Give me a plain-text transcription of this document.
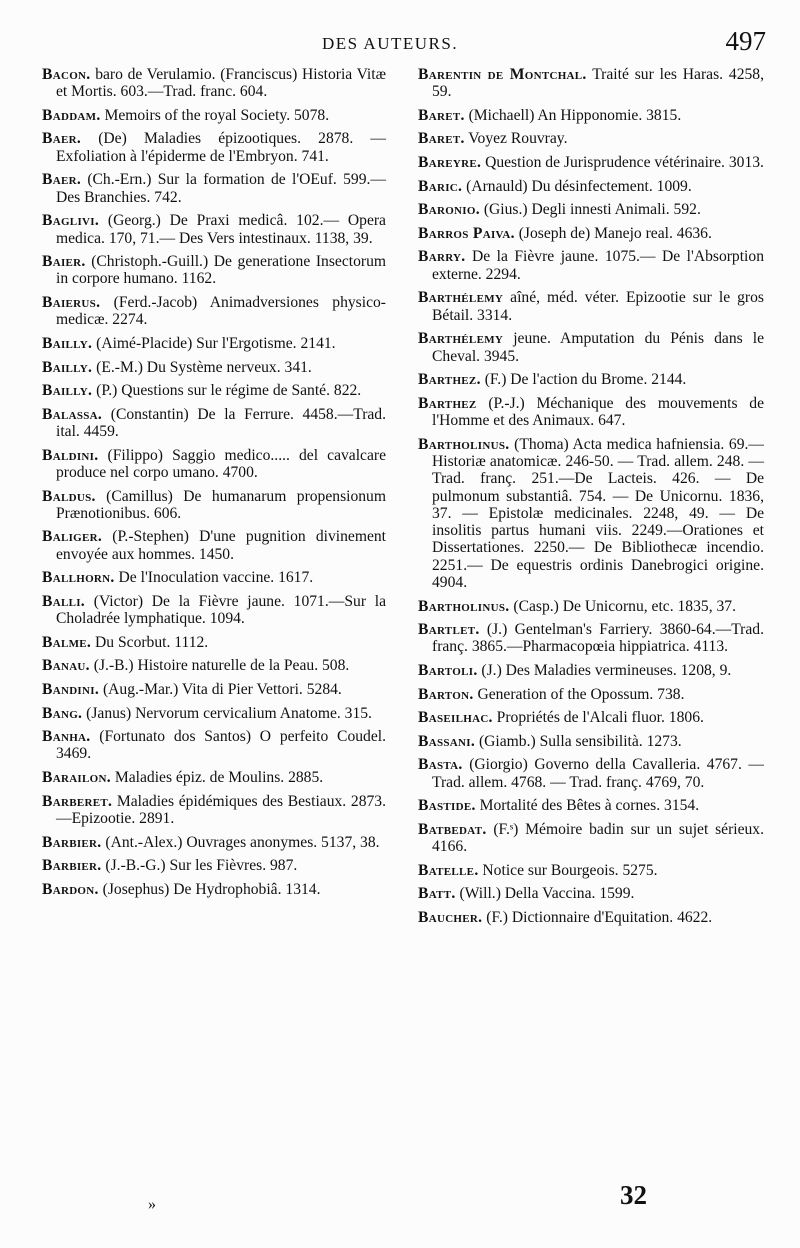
DES AUTEURS.	497

Bacon. baro de Verulamio. (Franciscus) Historia Vitæ et Mortis. 603.—Trad. franc. 604.

Baddam. Memoirs of the royal Society. 5078.

Baer. (De) Maladies épizootiques. 2878. —Exfoliation à l'épiderme de l'Embryon. 741.

Baer. (Ch.-Ern.) Sur la formation de l'OEuf. 599.— Des Branchies. 742.

Baglivi. (Georg.) De Praxi medicâ. 102.— Opera medica. 170, 71.— Des Vers intestinaux. 1138, 39.

Baier. (Christoph.-Guill.) De generatione Insectorum in corpore humano. 1162.

Baierus. (Ferd.-Jacob) Animadversiones physico-medicæ. 2274.

Bailly. (Aimé-Placide) Sur l'Ergotisme. 2141.

Bailly. (E.-M.) Du Système nerveux. 341.

Bailly. (P.) Questions sur le régime de Santé. 822.

Balassa. (Constantin) De la Ferrure. 4458.—Trad. ital. 4459.

Baldini. (Filippo) Saggio medico..... del cavalcare produce nel corpo umano. 4700.

Baldus. (Camillus) De humanarum propensionum Prænotionibus. 606.

Baliger. (P.-Stephen) D'une pugnition divinement envoyée aux hommes. 1450.

Ballhorn. De l'Inoculation vaccine. 1617.

Balli. (Victor) De la Fièvre jaune. 1071.—Sur la Choladrée lymphatique. 1094.

Balme. Du Scorbut. 1112.

Banau. (J.-B.) Histoire naturelle de la Peau. 508.

Bandini. (Aug.-Mar.) Vita di Pier Vettori. 5284.

Bang. (Janus) Nervorum cervicalium Anatome. 315.

Banha. (Fortunato dos Santos) O perfeito Coudel. 3469.

Barailon. Maladies épiz. de Moulins. 2885.

Barberet. Maladies épidémiques des Bestiaux. 2873.—Epizootie. 2891.

Barbier. (Ant.-Alex.) Ouvrages anonymes. 5137, 38.

Barbier. (J.-B.-G.) Sur les Fièvres. 987.

Bardon. (Josephus) De Hydrophobiâ. 1314.

Barentin de Montchal. Traité sur les Haras. 4258, 59.

Baret. (Michaell) An Hipponomie. 3815.

Baret. Voyez Rouvray.

Bareyre. Question de Jurisprudence vétérinaire. 3013.

Baric. (Arnauld) Du désinfectement. 1009.

Baronio. (Gius.) Degli innesti Animali. 592.

Barros Paiva. (Joseph de) Manejo real. 4636.

Barry. De la Fièvre jaune. 1075.— De l'Absorption externe. 2294.

Barthélemy aîné, méd. véter. Epizootie sur le gros Bétail. 3314.

Barthélemy jeune. Amputation du Pénis dans le Cheval. 3945.

Barthez. (F.) De l'action du Brome. 2144.

Barthez (P.-J.) Méchanique des mouvements de l'Homme et des Animaux. 647.

Bartholinus. (Thoma) Acta medica hafniensia. 69.— Historiæ anatomicæ. 246-50. — Trad. allem. 248. — Trad. franç. 251.—De Lacteis. 426. — De pulmonum substantiâ. 754. — De Unicornu. 1836, 37. — Epistolæ medicinales. 2248, 49. — De insolitis partus humani viis. 2249.—Orationes et Dissertationes. 2250.— De Bibliothecæ incendio. 2251.— De equestris ordinis Danebrogici origine. 4904.

Bartholinus. (Casp.) De Unicornu, etc. 1835, 37.

Bartlet. (J.) Gentelman's Farriery. 3860-64.—Trad. franç. 3865.—Pharmacopœia hippiatrica. 4113.

Bartoli. (J.) Des Maladies vermineuses. 1208, 9.

Barton. Generation of the Opossum. 738.

Baseilhac. Propriétés de l'Alcali fluor. 1806.

Bassani. (Giamb.) Sulla sensibilità. 1273.

Basta. (Giorgio) Governo della Cavalleria. 4767. — Trad. allem. 4768. — Trad. franç. 4769, 70.

Bastide. Mortalité des Bêtes à cornes. 3154.

Batbedat. (F.ˢ) Mémoire badin sur un sujet sérieux. 4166.

Batelle. Notice sur Bourgeois. 5275.

Batt. (Will.) Della Vaccina. 1599.

Baucher. (F.) Dictionnaire d'Equitation. 4622.

»	32
